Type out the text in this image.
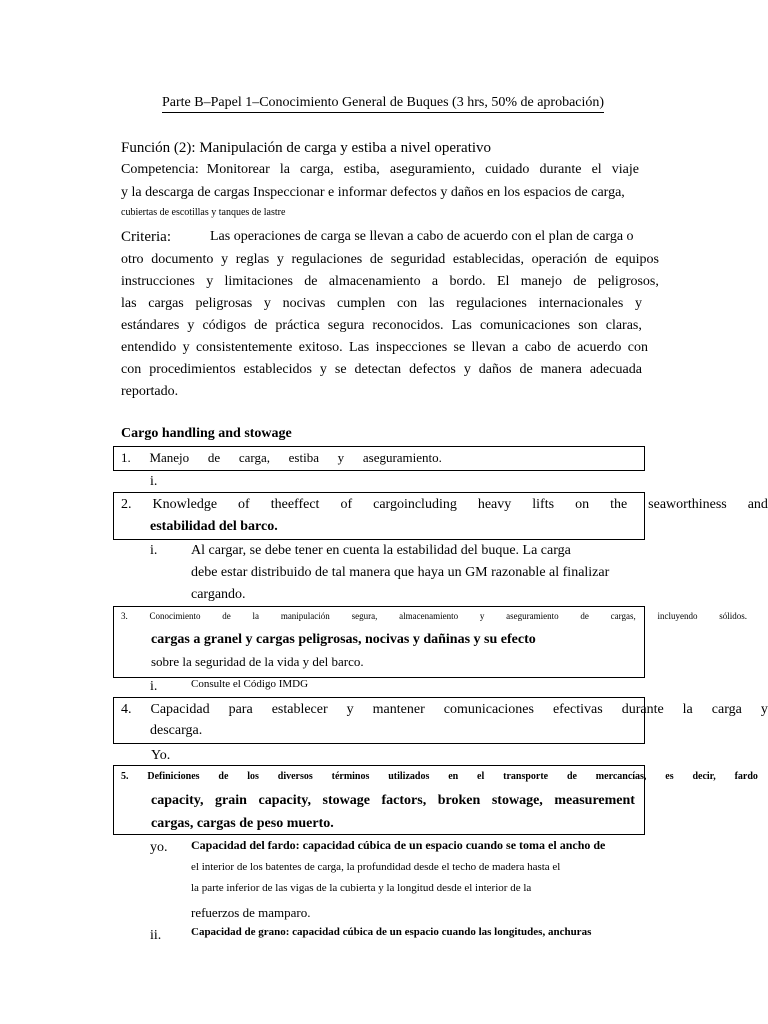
Parte B–Papel 1–Conocimiento General de Buques (3 hrs, 50% de aprobación)
Función (2): Manipulación de carga y estiba a nivel operativo
Competencia: Monitorear la carga, estiba, aseguramiento, cuidado durante el viaje
y la descarga de cargas Inspeccionar e informar defectos y daños en los espacios de carga,
cubiertas de escotillas y tanques de lastre
Criteria:	Las operaciones de carga se llevan a cabo de acuerdo con el plan de carga o
otro documento y reglas y regulaciones de seguridad establecidas, operación de equipos
instrucciones y limitaciones de almacenamiento a bordo. El manejo de peligrosos,
las cargas peligrosas y nocivas cumplen con las regulaciones internacionales y
estándares y códigos de práctica segura reconocidos. Las comunicaciones son claras,
entendido y consistentemente exitoso. Las inspecciones se llevan a cabo de acuerdo con
con procedimientos establecidos y se detectan defectos y daños de manera adecuada
reportado.
Cargo handling and stowage
1. Manejo de carga, estiba y aseguramiento.
i.
2. Knowledge of theeffect of cargoincluding heavy lifts on the seaworthiness and
estabilidad del barco.
i. Al cargar, se debe tener en cuenta la estabilidad del buque. La carga
debe estar distribuido de tal manera que haya un GM razonable al finalizar
cargando.
3. Conocimiento de la manipulación segura, almacenamiento y aseguramiento de cargas, incluyendo sólidos.
cargas a granel y cargas peligrosas, nocivas y dañinas y su efecto
sobre la seguridad de la vida y del barco.
i.	Consulte el Código IMDG
4. Capacidad para establecer y mantener comunicaciones efectivas durante la carga y
descarga.
Yo.
5. Definiciones de los diversos términos utilizados en el transporte de mercancías, es decir, fardo
capacity, grain capacity, stowage factors, broken stowage, measurement
cargas, cargas de peso muerto.
yo. Capacidad del fardo: capacidad cúbica de un espacio cuando se toma el ancho de
el interior de los batentes de carga, la profundidad desde el techo de madera hasta el
la parte inferior de las vigas de la cubierta y la longitud desde el interior de la
refuerzos de mamparo.
ii.	Capacidad de grano: capacidad cúbica de un espacio cuando las longitudes, anchuras
